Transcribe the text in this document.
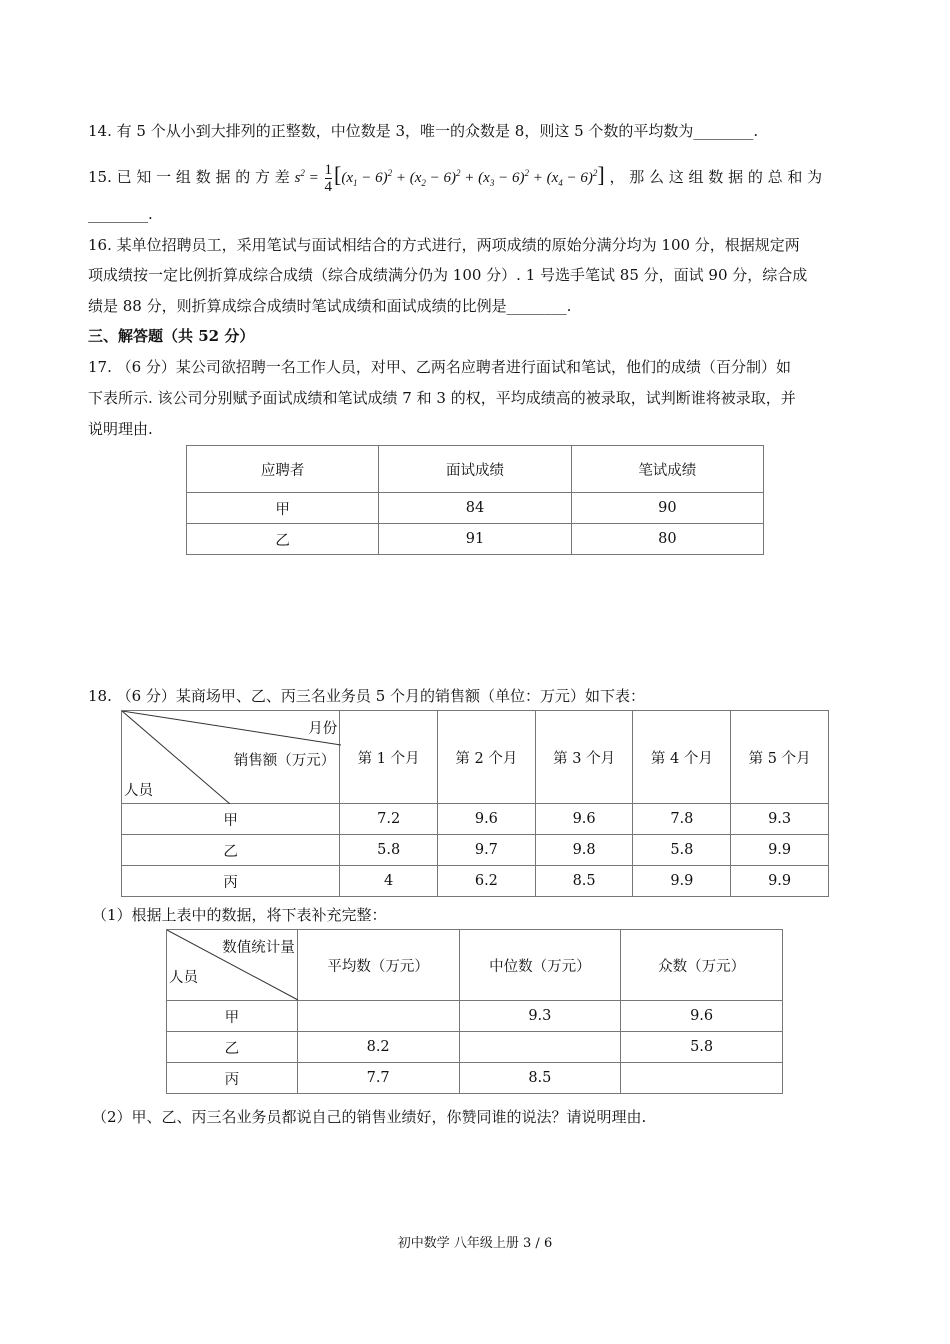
14. 有 5 个从小到大排列的正整数，中位数是 3，唯一的众数是 8，则这 5 个数的平均数为________.
15. 已 知 一 组 数 据 的 方 差 $s^2 = \frac{1}{4} [(x_1 - 6)^2 + (x_2 - 6)^2 + (x_3 - 6)^2 + (x_4 - 6)^2]$ ， 那 么 这 组 数 据 的 总 和 为
________.
16. 某单位招聘员工，采用笔试与面试相结合的方式进行，两项成绩的原始分满分均为 100 分，根据规定两
项成绩按一定比例折算成综合成绩（综合成绩满分仍为 100 分）. 1 号选手笔试 85 分，面试 90 分，综合成
绩是 88 分，则折算成综合成绩时笔试成绩和面试成绩的比例是________.
三、解答题（共 52 分）
17. （6 分）某公司欲招聘一名工作人员，对甲、乙两名应聘者进行面试和笔试，他们的成绩（百分制）如
下表所示. 该公司分别赋予面试成绩和笔试成绩 7 和 3 的权，平均成绩高的被录取，试判断谁将被录取，并
说明理由.
应聘者	面试成绩	笔试成绩
甲	84	90
乙	91	80
18. （6 分）某商场甲、乙、丙三名业务员 5 个月的销售额（单位：万元）如下表：
月份
销售额（万元）
人员	第 1 个月	第 2 个月	第 3 个月	第 4 个月	第 5 个月
甲	7.2	9.6	9.6	7.8	9.3
乙	5.8	9.7	9.8	5.8	9.9
丙	4	6.2	8.5	9.9	9.9
（1）根据上表中的数据，将下表补充完整：
数值统计量
人员	平均数（万元）	中位数（万元）	众数（万元）
甲		9.3	9.6
乙	8.2		5.8
丙	7.7	8.5	
（2）甲、乙、丙三名业务员都说自己的销售业绩好，你赞同谁的说法？请说明理由.
初中数学 八年级上册 3 / 6
